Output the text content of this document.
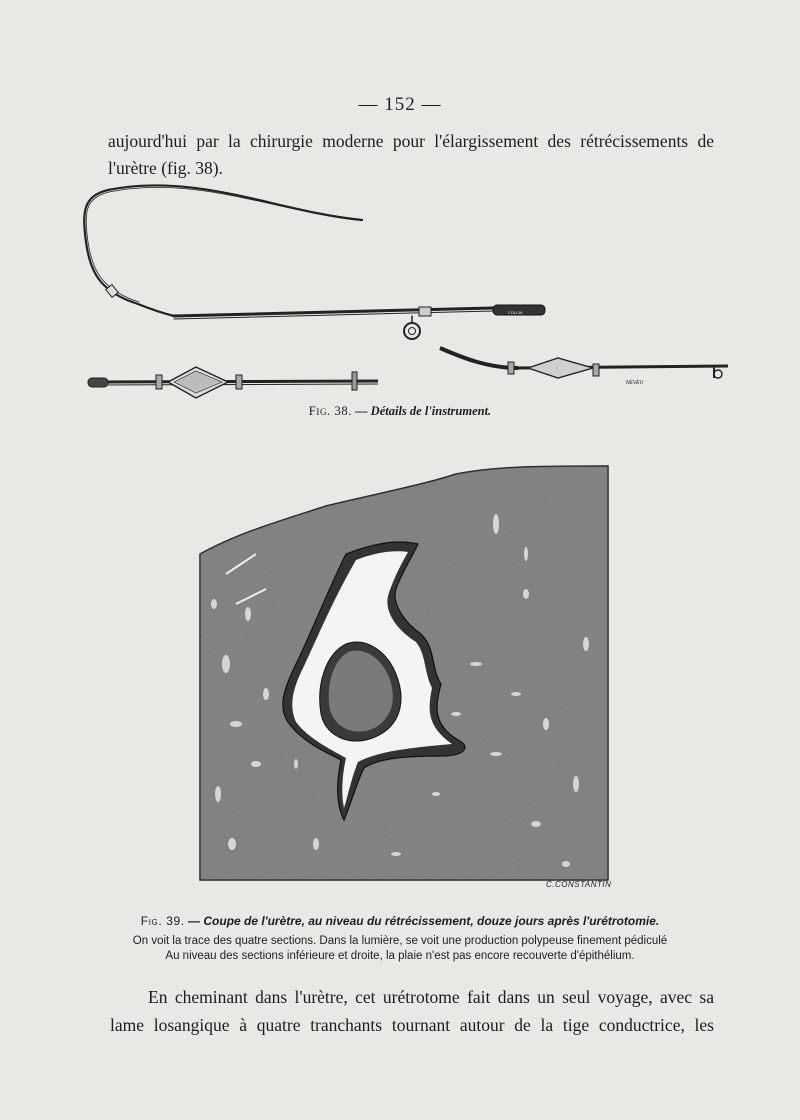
— 152 —
aujourd'hui par la chirurgie moderne pour l'élargissement des rétrécissements de
l'urètre (fig. 38).
COLLIN
NEVEU
Fig. 38. — Détails de l'instrument.
C.CONSTANTIN
Fig. 39. — Coupe de l'urètre, au niveau du rétrécissement, douze jours après l'urétrotomie.
On voit la trace des quatre sections. Dans la lumière, se voit une production polypeuse finement pédiculé
Au niveau des sections inférieure et droite, la plaie n'est pas encore recouverte d'épithélium.
En cheminant dans l'urètre, cet urétrotome fait dans un seul voyage, avec sa
lame losangique à quatre tranchants tournant autour de la tige conductrice, les
